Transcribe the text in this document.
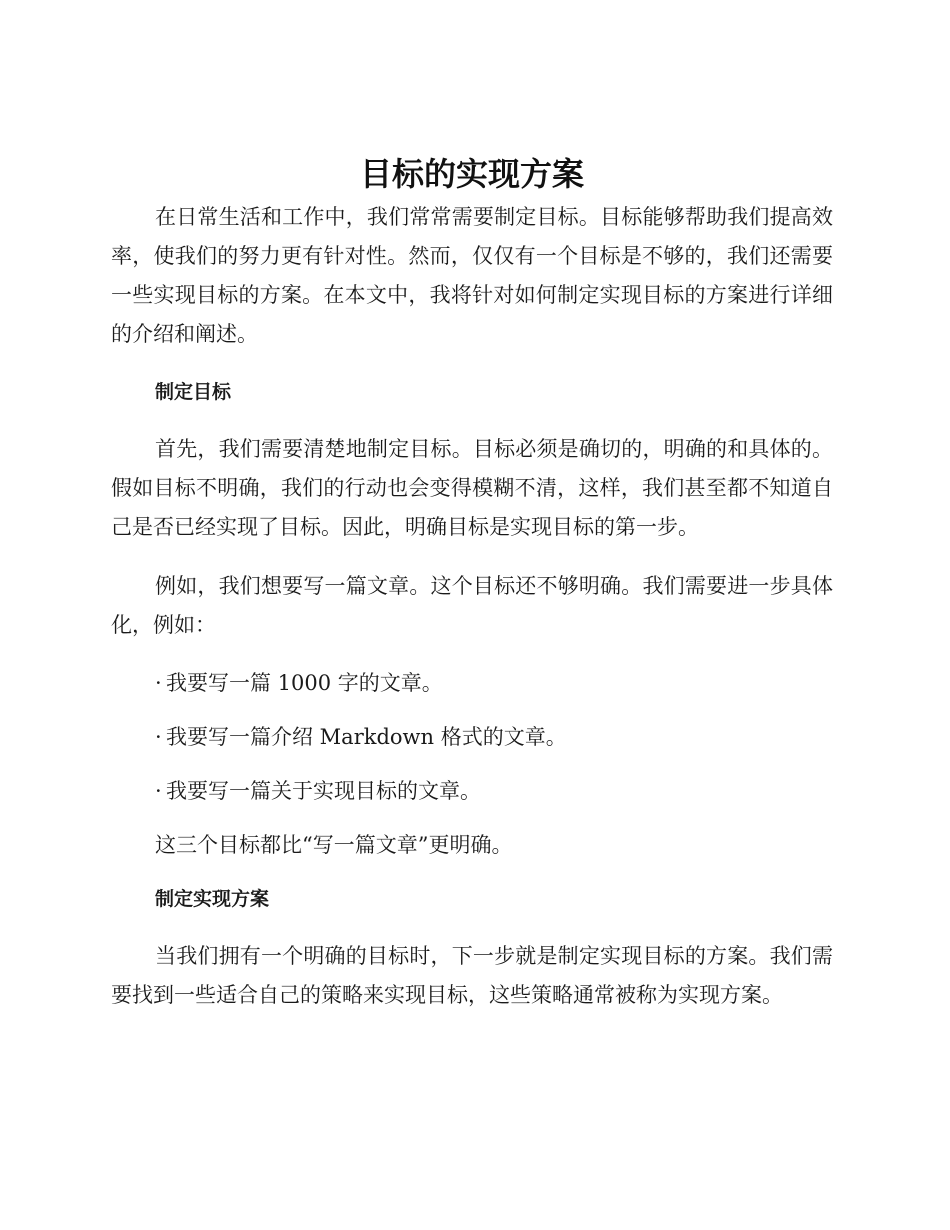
目标的实现方案

在日常生活和工作中，我们常常需要制定目标。目标能够帮助我们提高效率，使我们的努力更有针对性。然而，仅仅有一个目标是不够的，我们还需要一些实现目标的方案。在本文中，我将针对如何制定实现目标的方案进行详细的介绍和阐述。

制定目标

首先，我们需要清楚地制定目标。目标必须是确切的，明确的和具体的。假如目标不明确，我们的行动也会变得模糊不清，这样，我们甚至都不知道自己是否已经实现了目标。因此，明确目标是实现目标的第一步。

例如，我们想要写一篇文章。这个目标还不够明确。我们需要进一步具体化，例如：

· 我要写一篇 1000 字的文章。
· 我要写一篇介绍 Markdown 格式的文章。
· 我要写一篇关于实现目标的文章。
这三个目标都比“写一篇文章”更明确。
制定实现方案

当我们拥有一个明确的目标时，下一步就是制定实现目标的方案。我们需要找到一些适合自己的策略来实现目标，这些策略通常被称为实现方案。
